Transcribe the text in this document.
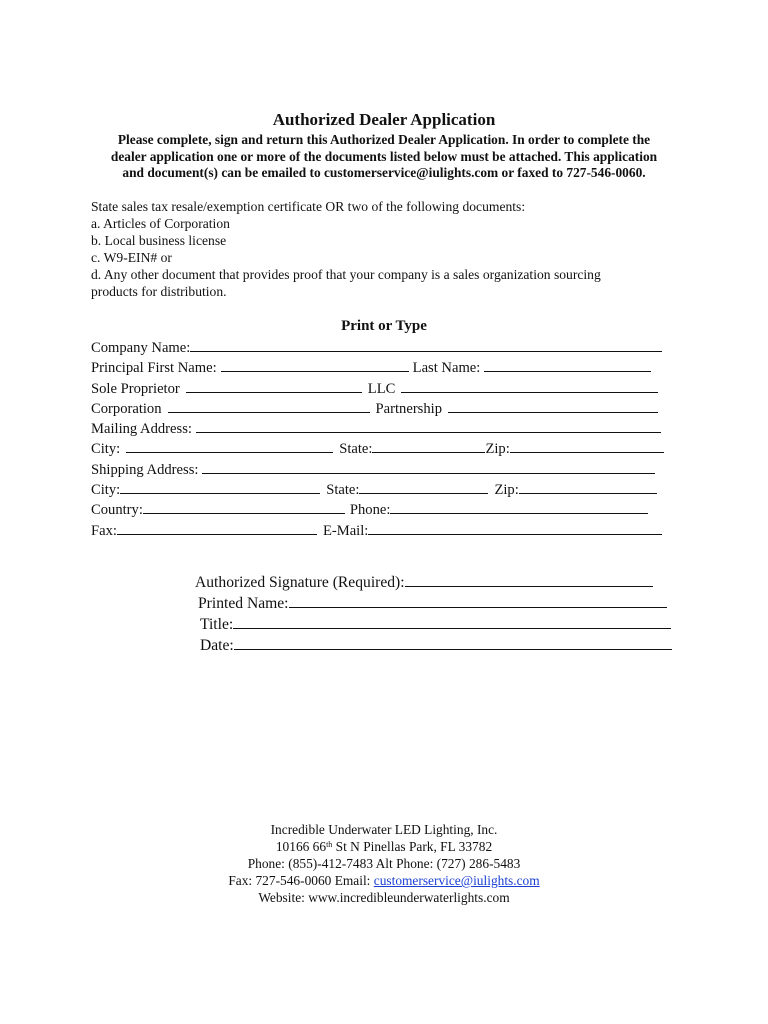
Authorized Dealer Application
Please complete, sign and return this Authorized Dealer Application. In order to complete the
dealer application one or more of the documents listed below must be attached. This application
and document(s) can be emailed to customerservice@iulights.com or faxed to 727-546-0060.
State sales tax resale/exemption certificate OR two of the following documents:
a. Articles of Corporation
b. Local business license
c. W9-EIN# or
d. Any other document that provides proof that your company is a sales organization sourcing
products for distribution.
Print or Type
Company Name:
Principal First Name:	Last Name:
Sole Proprietor	LLC
Corporation	Partnership
Mailing Address:
City:	State:	Zip:
Shipping Address:
City:	State:	Zip:
Country:	Phone:
Fax:	E-Mail:
Authorized Signature (Required):
Printed Name:
Title:
Date:
Incredible Underwater LED Lighting, Inc.
10166 66th St N Pinellas Park, FL 33782
Phone: (855)-412-7483 Alt Phone: (727) 286-5483
Fax: 727-546-0060 Email: customerservice@iulights.com
Website: www.incredibleunderwaterlights.com
